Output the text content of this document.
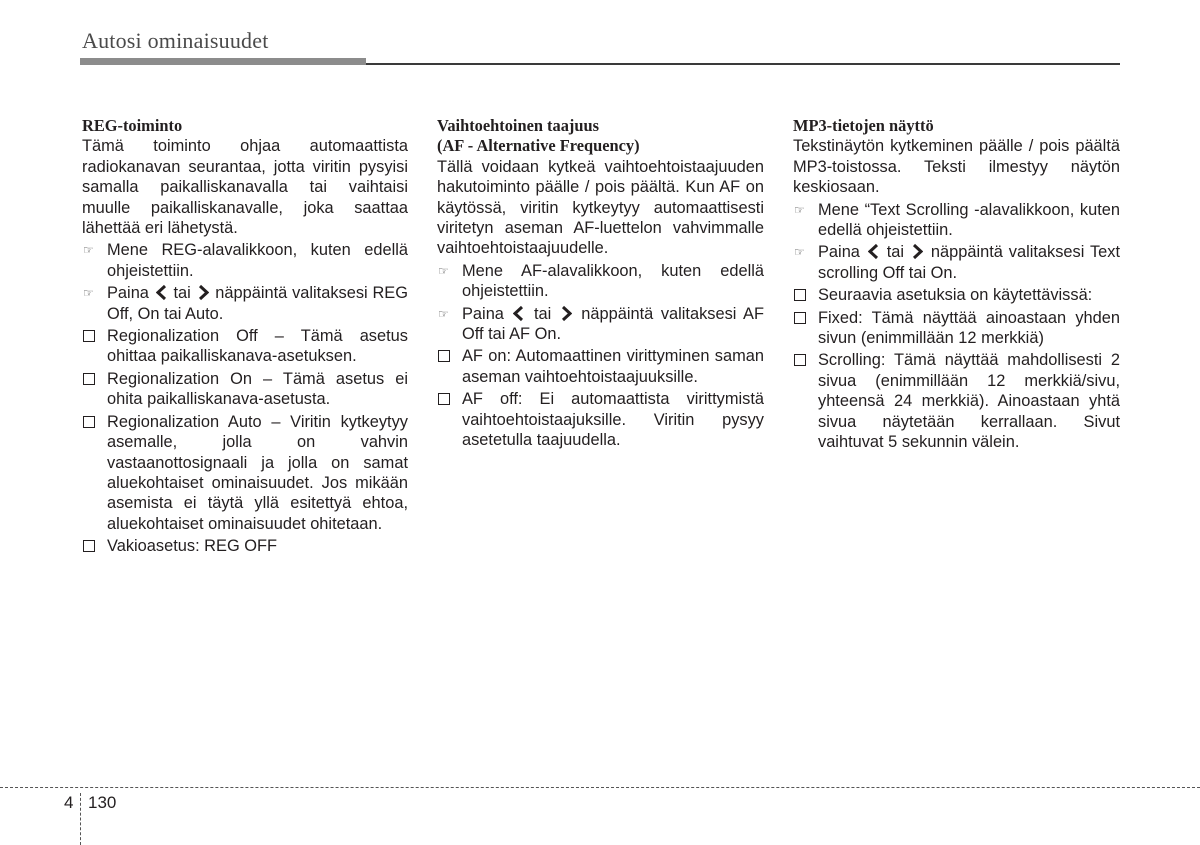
Autosi ominaisuudet
REG-toiminto

Tämä toiminto ohjaa automaattista radiokanavan seurantaa, jotta viritin pysyisi samalla paikalliskanavalla tai vaihtaisi muulle paikalliskanavalle, joka saattaa lähettää eri lähetystä.

☞ Mene REG-alavalikkoon, kuten edellä ohjeistettiin.
☞ Paina tai näppäintä valitaksesi REG Off, On tai Auto.
Regionalization Off – Tämä asetus ohittaa paikalliskanava-asetuksen.
Regionalization On – Tämä asetus ei ohita paikalliskanava-asetusta.
Regionalization Auto – Viritin kytkeytyy asemalle, jolla on vahvin vastaanottosignaali ja jolla on samat aluekohtaiset ominaisuudet. Jos mikään asemista ei täytä yllä esitettyä ehtoa, aluekohtaiset ominaisuudet ohitetaan.
Vakioasetus: REG OFF
Vaihtoehtoinen taajuus
(AF - Alternative Frequency)

Tällä voidaan kytkeä vaihtoehtoistaajuuden hakutoiminto päälle / pois päältä. Kun AF on käytössä, viritin kytkeytyy automaattisesti viritetyn aseman AF-luettelon vahvimmalle vaihtoehtoistaajuudelle.

☞ Mene AF-alavalikkoon, kuten edellä ohjeistettiin.
☞ Paina tai näppäintä valitaksesi AF Off tai AF On.
AF on: Automaattinen virittyminen saman aseman vaihtoehtoistaajuuksille.
AF off: Ei automaattista virittymistä vaihtoehtoistaajuksille. Viritin pysyy asetetulla taajuudella.
MP3-tietojen näyttö

Tekstinäytön kytkeminen päälle / pois päältä MP3-toistossa. Teksti ilmestyy näytön keskiosaan.

☞ Mene “Text Scrolling -alavalikkoon, kuten edellä ohjeistettiin.
☞ Paina tai näppäintä valitaksesi Text scrolling Off tai On.
Seuraavia asetuksia on käytettävissä:
Fixed: Tämä näyttää ainoastaan yhden sivun (enimmillään 12 merkkiä)
Scrolling: Tämä näyttää mahdollisesti 2 sivua (enimmillään 12 merkkiä/sivu, yhteensä 24 merkkiä). Ainoastaan yhtä sivua näytetään kerrallaan. Sivut vaihtuvat 5 sekunnin välein.
4 130
